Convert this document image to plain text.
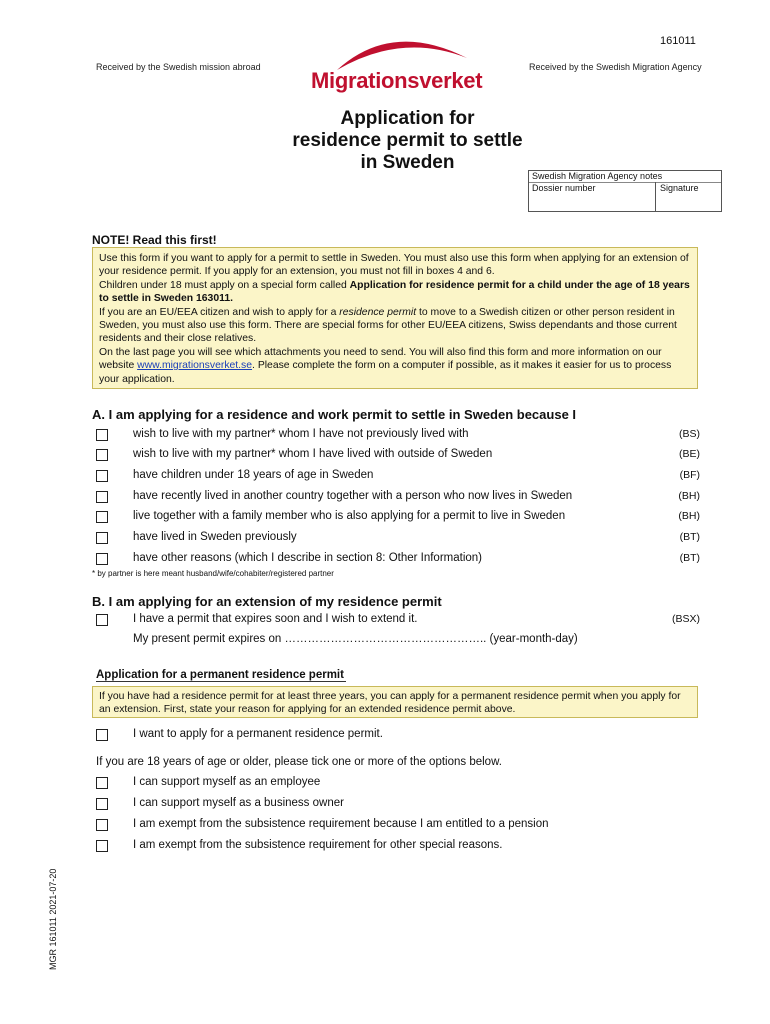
161011
Received by the Swedish mission abroad	Received by the Swedish Migration Agency
Migrationsverket
Application for
residence permit to settle
in Sweden
Swedish Migration Agency notes
Dossier number	Signature
NOTE! Read this first!

Use this form if you want to apply for a permit to settle in Sweden. You must also use this form when applying for an extension of your residence permit. If you apply for an extension, you must not fill in boxes 4 and 6.

Children under 18 must apply on a special form called Application for residence permit for a child under the age of 18 years to settle in Sweden 163011.

If you are an EU/EEA citizen and wish to apply for a residence permit to move to a Swedish citizen or other person resident in Sweden, you must also use this form. There are special forms for other EU/EEA citizens, Swiss dependants and those current residents and their close relatives.

On the last page you will see which attachments you need to send. You will also find this form and more information on our website www.migrationsverket.se. Please complete the form on a computer if possible, as it makes it easier for us to process your application.

A. I am applying for a residence and work permit to settle in Sweden because I
wish to live with my partner* whom I have not previously lived with	(BS)
wish to live with my partner* whom I have lived with outside of Sweden	(BE)
have children under 18 years of age in Sweden	(BF)
have recently lived in another country together with a person who now lives in Sweden	(BH)
live together with a family member who is also applying for a permit to live in Sweden	(BH)
have lived in Sweden previously	(BT)
have other reasons (which I describe in section 8: Other Information)	(BT)
* by partner is here meant husband/wife/cohabiter/registered partner
B. I am applying for an extension of my residence permit
I have a permit that expires soon and I wish to extend it.	(BSX)
My present permit expires on …………………………………………….. (year-month-day)
Application for a permanent residence permit
If you have had a residence permit for at least three years, you can apply for a permanent residence permit when you apply for an extension. First, state your reason for applying for an extended residence permit above.
I want to apply for a permanent residence permit.
If you are 18 years of age or older, please tick one or more of the options below.
I can support myself as an employee
I can support myself as a business owner
I am exempt from the subsistence requirement because I am entitled to a pension
I am exempt from the subsistence requirement for other special reasons.
MGR 161011 2021-07-20
